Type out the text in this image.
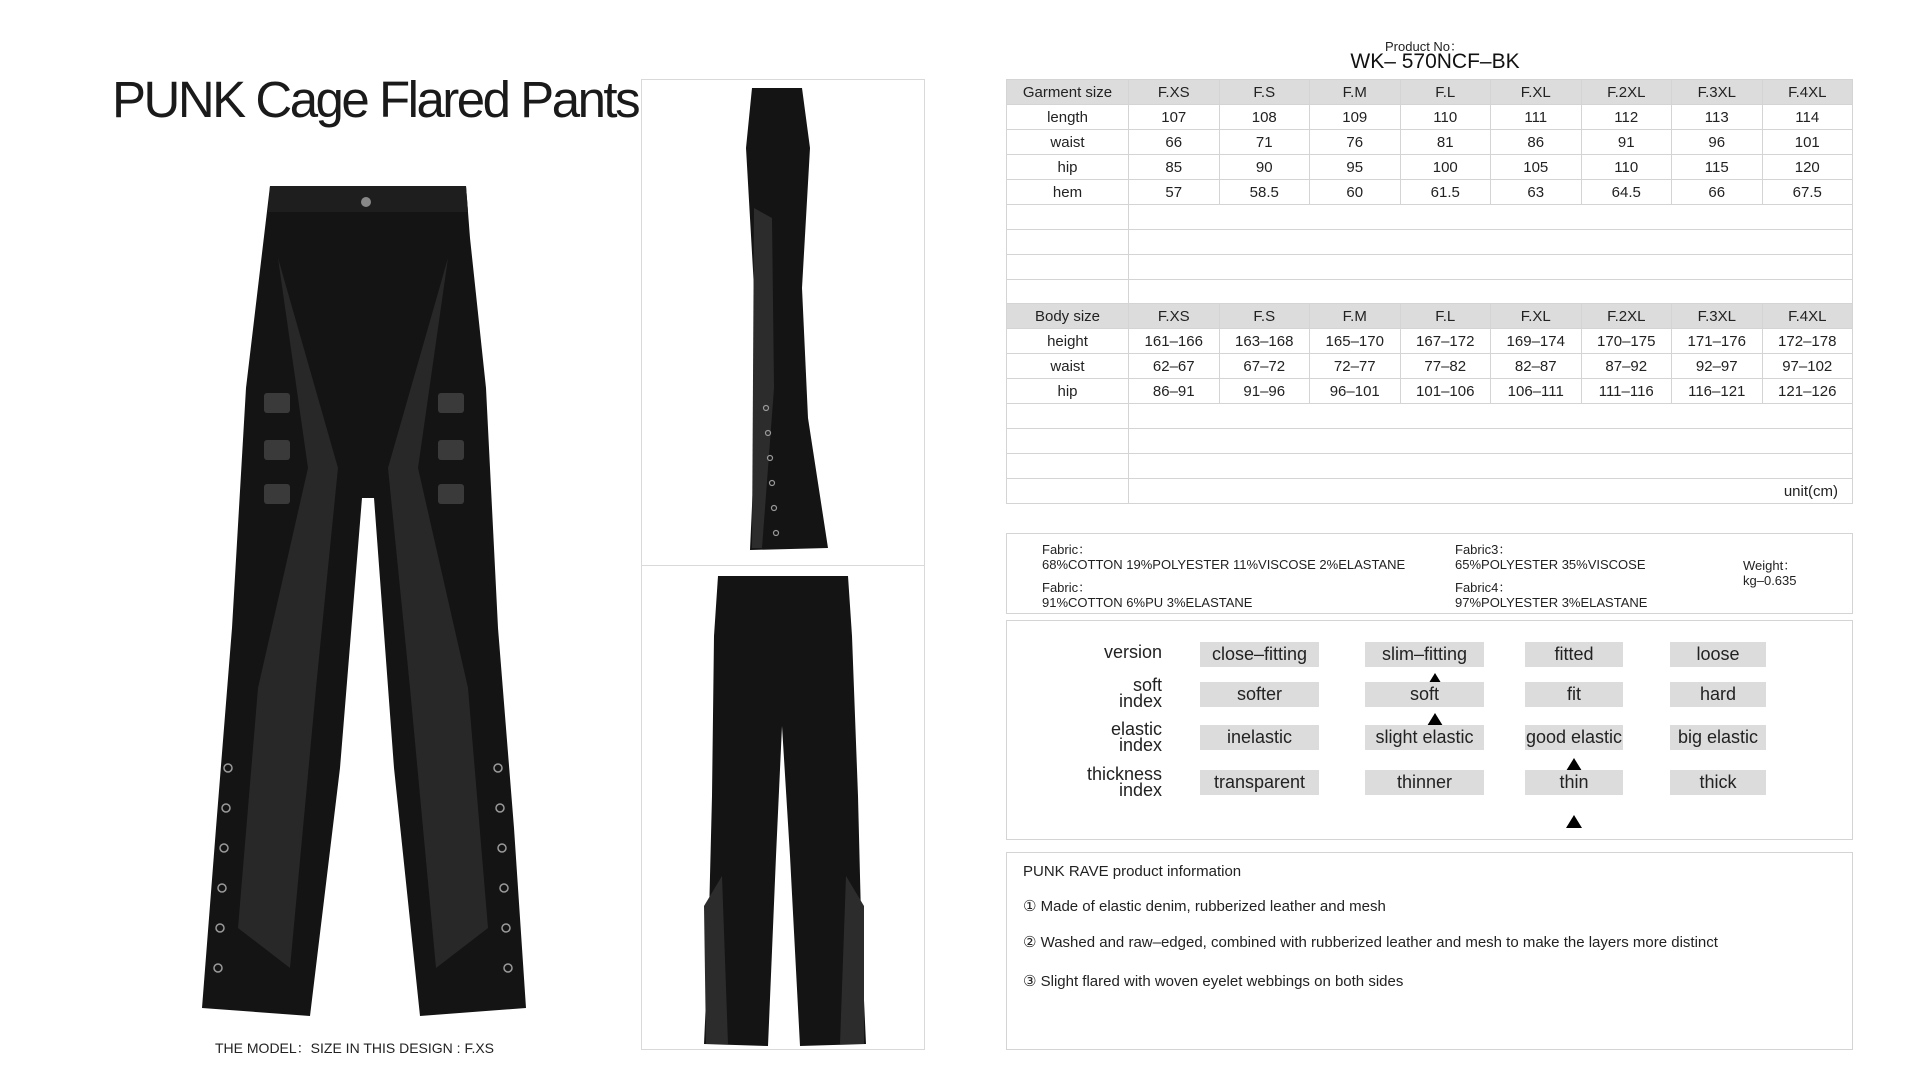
PUNK Cage Flared Pants
THE MODEL：SIZE IN THIS DESIGN : F.XS
Product No：
WK– 570NCF–BK
Garment size	F.XS	F.S	F.M	F.L	F.XL	F.2XL	F.3XL	F.4XL
length	107	108	109	110	111	112	113	114
waist	66	71	76	81	86	91	96	101
hip	85	90	95	100	105	110	115	120
hem	57	58.5	60	61.5	63	64.5	66	67.5

Body size	F.XS	F.S	F.M	F.L	F.XL	F.2XL	F.3XL	F.4XL
height	161–166	163–168	165–170	167–172	169–174	170–175	171–176	172–178
waist	62–67	67–72	72–77	77–82	82–87	87–92	92–97	97–102
hip	86–91	91–96	96–101	101–106	106–111	111–116	116–121	121–126

	unit(cm)							
Fabric：
68%COTTON 19%POLYESTER 11%VISCOSE 2%ELASTANE
Fabric：
91%COTTON 6%PU 3%ELASTANE
Fabric3：
65%POLYESTER 35%VISCOSE
Fabric4：
97%POLYESTER 3%ELASTANE
Weight：
kg–0.635
version	close–fitting	slim–fitting	fitted	loose
soft
index	softer	soft	fit	hard
elastic
index	inelastic	slight elastic	good elastic	big elastic
thickness
index	transparent	thinner	thin	thick
PUNK RAVE product information
① Made of elastic denim, rubberized leather and mesh
② Washed and raw–edged, combined with rubberized leather and mesh to make the layers more distinct
③ Slight flared with woven eyelet webbings on both sides
